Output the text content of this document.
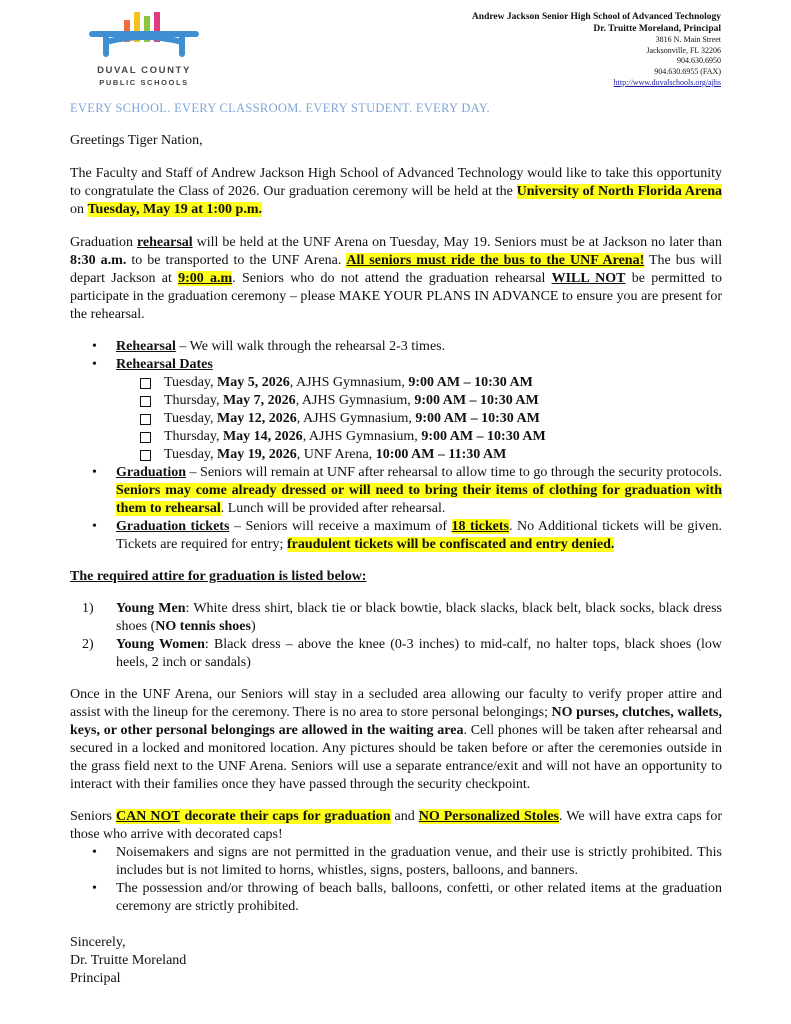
DUVAL COUNTY
PUBLIC SCHOOLS
Andrew Jackson Senior High School of Advanced Technology
Dr. Truitte Moreland, Principal
3816 N. Main Street
Jacksonville, FL 32206
904.630.6950
904.630.6955 (FAX)
http://www.duvalschools.org/ajhs
EVERY SCHOOL. EVERY CLASSROOM. EVERY STUDENT. EVERY DAY.

Greetings Tiger Nation,

The Faculty and Staff of Andrew Jackson High School of Advanced Technology would like to take this opportunity to congratulate the Class of 2026. Our graduation ceremony will be held at the University of North Florida Arena on Tuesday, May 19 at 1:00 p.m.

Graduation rehearsal will be held at the UNF Arena on Tuesday, May 19. Seniors must be at Jackson no later than 8:30 a.m. to be transported to the UNF Arena. All seniors must ride the bus to the UNF Arena! The bus will depart Jackson at 9:00 a.m. Seniors who do not attend the graduation rehearsal WILL NOT be permitted to participate in the graduation ceremony – please MAKE YOUR PLANS IN ADVANCE to ensure you are present for the rehearsal.

• Rehearsal – We will walk through the rehearsal 2-3 times.
• Rehearsal Dates
Tuesday, May 5, 2026, AJHS Gymnasium, 9:00 AM – 10:30 AM
Thursday, May 7, 2026, AJHS Gymnasium, 9:00 AM – 10:30 AM
Tuesday, May 12, 2026, AJHS Gymnasium, 9:00 AM – 10:30 AM
Thursday, May 14, 2026, AJHS Gymnasium, 9:00 AM – 10:30 AM
Tuesday, May 19, 2026, UNF Arena, 10:00 AM – 11:30 AM
• Graduation – Seniors will remain at UNF after rehearsal to allow time to go through the security protocols. Seniors may come already dressed or will need to bring their items of clothing for graduation with them to rehearsal. Lunch will be provided after rehearsal.
• Graduation tickets – Seniors will receive a maximum of 18 tickets. No Additional tickets will be given. Tickets are required for entry; fraudulent tickets will be confiscated and entry denied.

The required attire for graduation is listed below:

1) Young Men: White dress shirt, black tie or black bowtie, black slacks, black belt, black socks, black dress shoes (NO tennis shoes)
2) Young Women: Black dress – above the knee (0-3 inches) to mid-calf, no halter tops, black shoes (low heels, 2 inch or sandals)

Once in the UNF Arena, our Seniors will stay in a secluded area allowing our faculty to verify proper attire and assist with the lineup for the ceremony. There is no area to store personal belongings; NO purses, clutches, wallets, keys, or other personal belongings are allowed in the waiting area. Cell phones will be taken after rehearsal and secured in a locked and monitored location. Any pictures should be taken before or after the ceremonies outside in the grass field next to the UNF Arena. Seniors will use a separate entrance/exit and will not have an opportunity to interact with their families once they have passed through the security checkpoint.

Seniors CAN NOT decorate their caps for graduation and NO Personalized Stoles. We will have extra caps for those who arrive with decorated caps!

• Noisemakers and signs are not permitted in the graduation venue, and their use is strictly prohibited. This includes but is not limited to horns, whistles, signs, posters, balloons, and banners.
• The possession and/or throwing of beach balls, balloons, confetti, or other related items at the graduation ceremony are strictly prohibited.

Sincerely,

Dr. Truitte Moreland

Principal
